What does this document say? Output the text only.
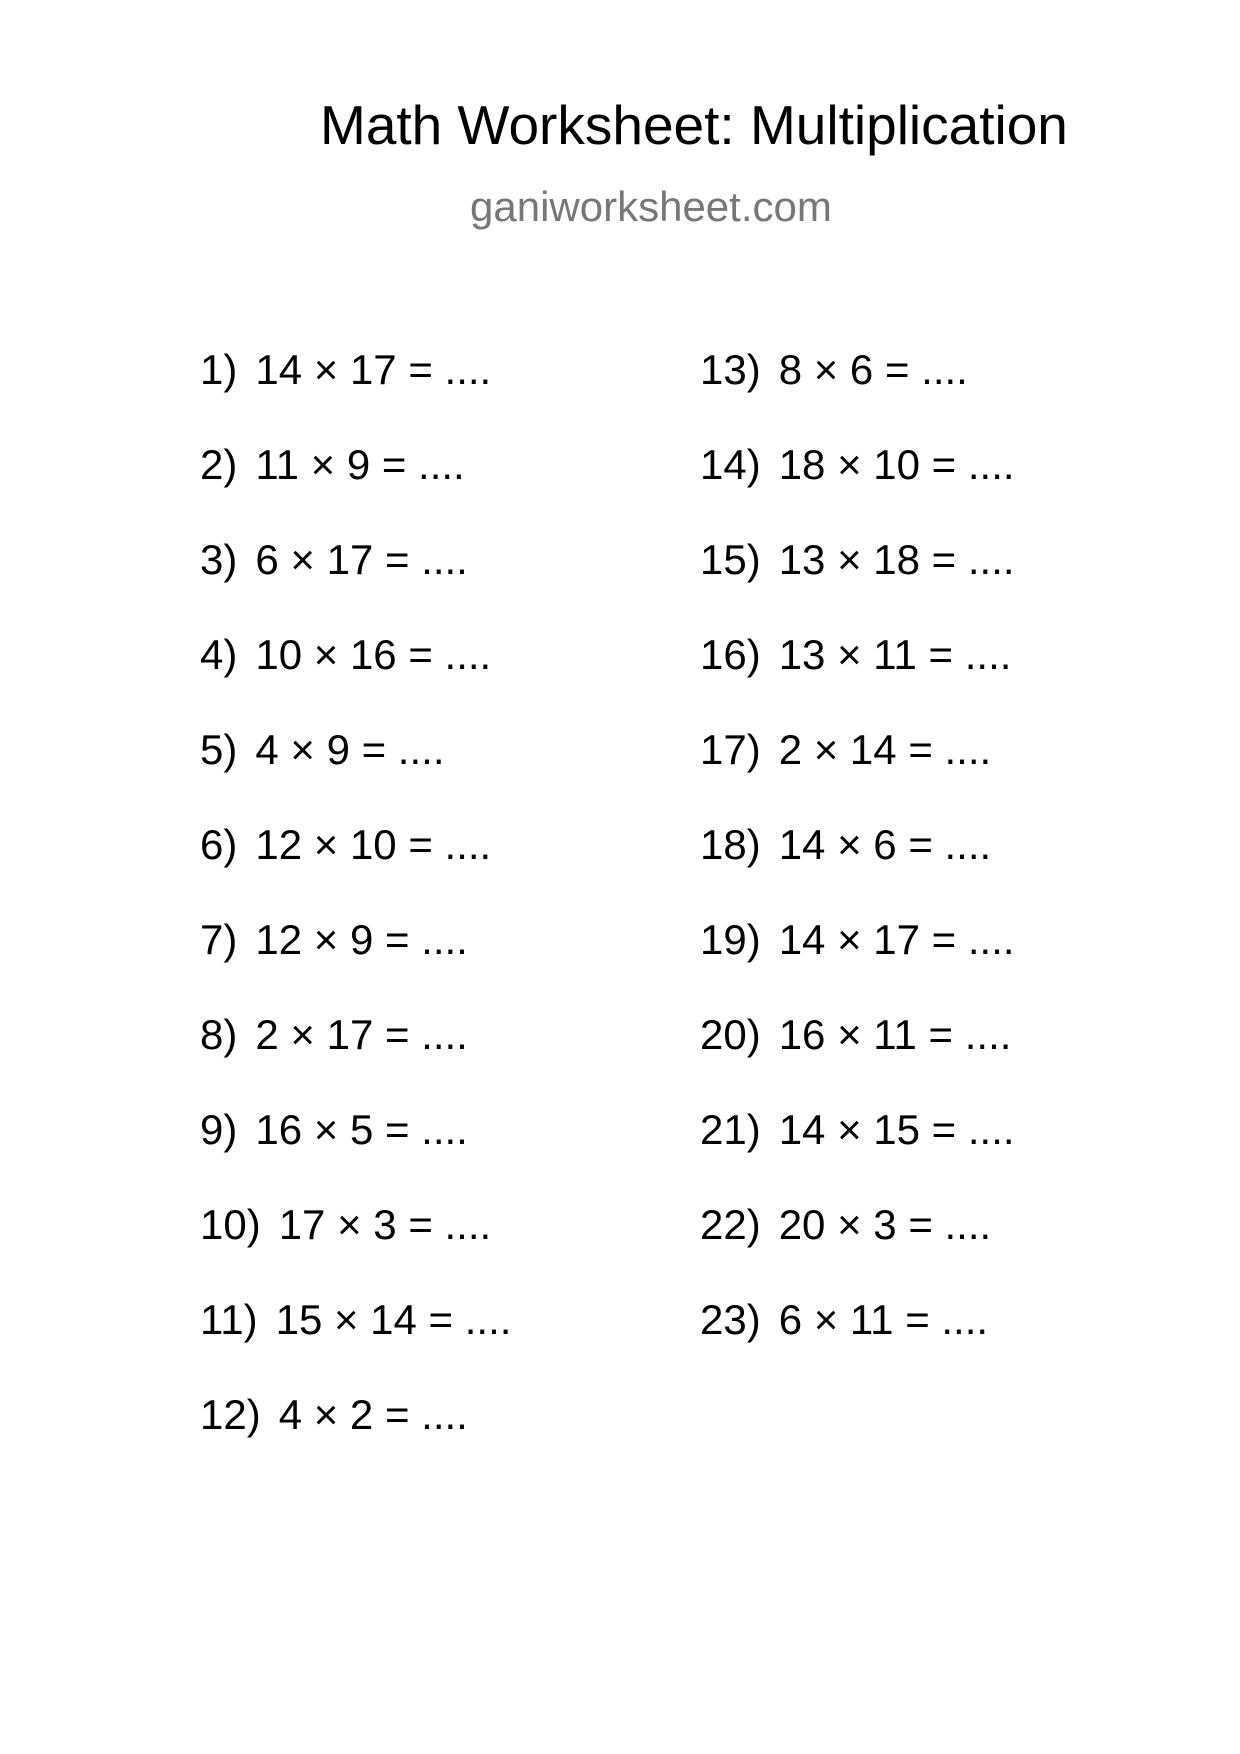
Math Worksheet: Multiplication
ganiworksheet.com
1) 14 × 17 = ....
2) 11 × 9 = ....
3) 6 × 17 = ....
4) 10 × 16 = ....
5) 4 × 9 = ....
6) 12 × 10 = ....
7) 12 × 9 = ....
8) 2 × 17 = ....
9) 16 × 5 = ....
10) 17 × 3 = ....
11) 15 × 14 = ....
12) 4 × 2 = ....
13) 8 × 6 = ....
14) 18 × 10 = ....
15) 13 × 18 = ....
16) 13 × 11 = ....
17) 2 × 14 = ....
18) 14 × 6 = ....
19) 14 × 17 = ....
20) 16 × 11 = ....
21) 14 × 15 = ....
22) 20 × 3 = ....
23) 6 × 11 = ....
